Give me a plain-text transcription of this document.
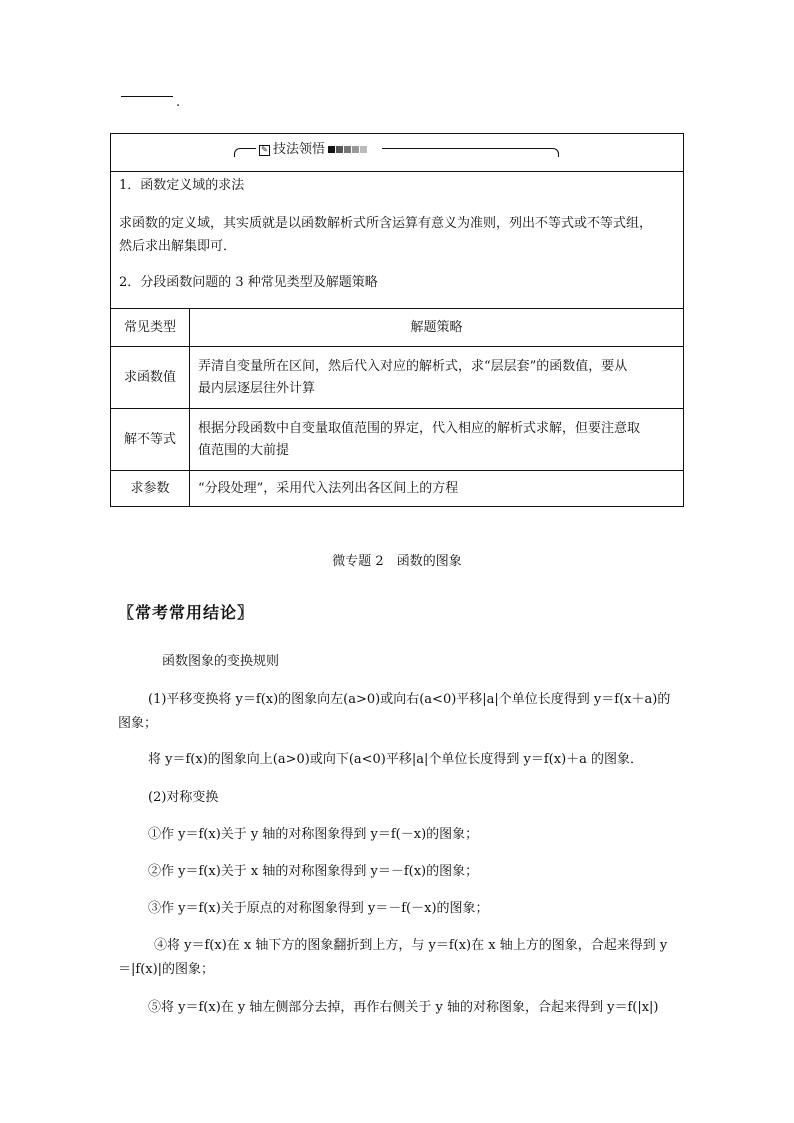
.
✎ 技法领悟
1．函数定义域的求法
求函数的定义域，其实质就是以函数解析式所含运算有意义为准则，列出不等式或不等式组，
然后求出解集即可．
2．分段函数问题的 3 种常见类型及解题策略
常见类型	解题策略
求函数值	弄清自变量所在区间，然后代入对应的解析式，求“层层套”的函数值，要从
最内层逐层往外计算

解不等式	根据分段函数中自变量取值范围的界定，代入相应的解析式求解，但要注意取
值范围的大前提

求参数	“分段处理”，采用代入法列出各区间上的方程
微专题 2　函数的图象
〖常考常用结论〗
函数图象的变换规则
(1)平移变换将 y＝f(x)的图象向左(a>0)或向右(a<0)平移|a|个单位长度得到 y＝f(x＋a)的
图象；
将 y＝f(x)的图象向上(a>0)或向下(a<0)平移|a|个单位长度得到 y＝f(x)＋a 的图象．
(2)对称变换
①作 y＝f(x)关于 y 轴的对称图象得到 y＝f(－x)的图象；
②作 y＝f(x)关于 x 轴的对称图象得到 y＝－f(x)的图象；
③作 y＝f(x)关于原点的对称图象得到 y＝－f(－x)的图象；
④将 y＝f(x)在 x 轴下方的图象翻折到上方，与 y＝f(x)在 x 轴上方的图象，合起来得到 y
＝|f(x)|的图象；
⑤将 y＝f(x)在 y 轴左侧部分去掉，再作右侧关于 y 轴的对称图象，合起来得到 y＝f(|x|)
